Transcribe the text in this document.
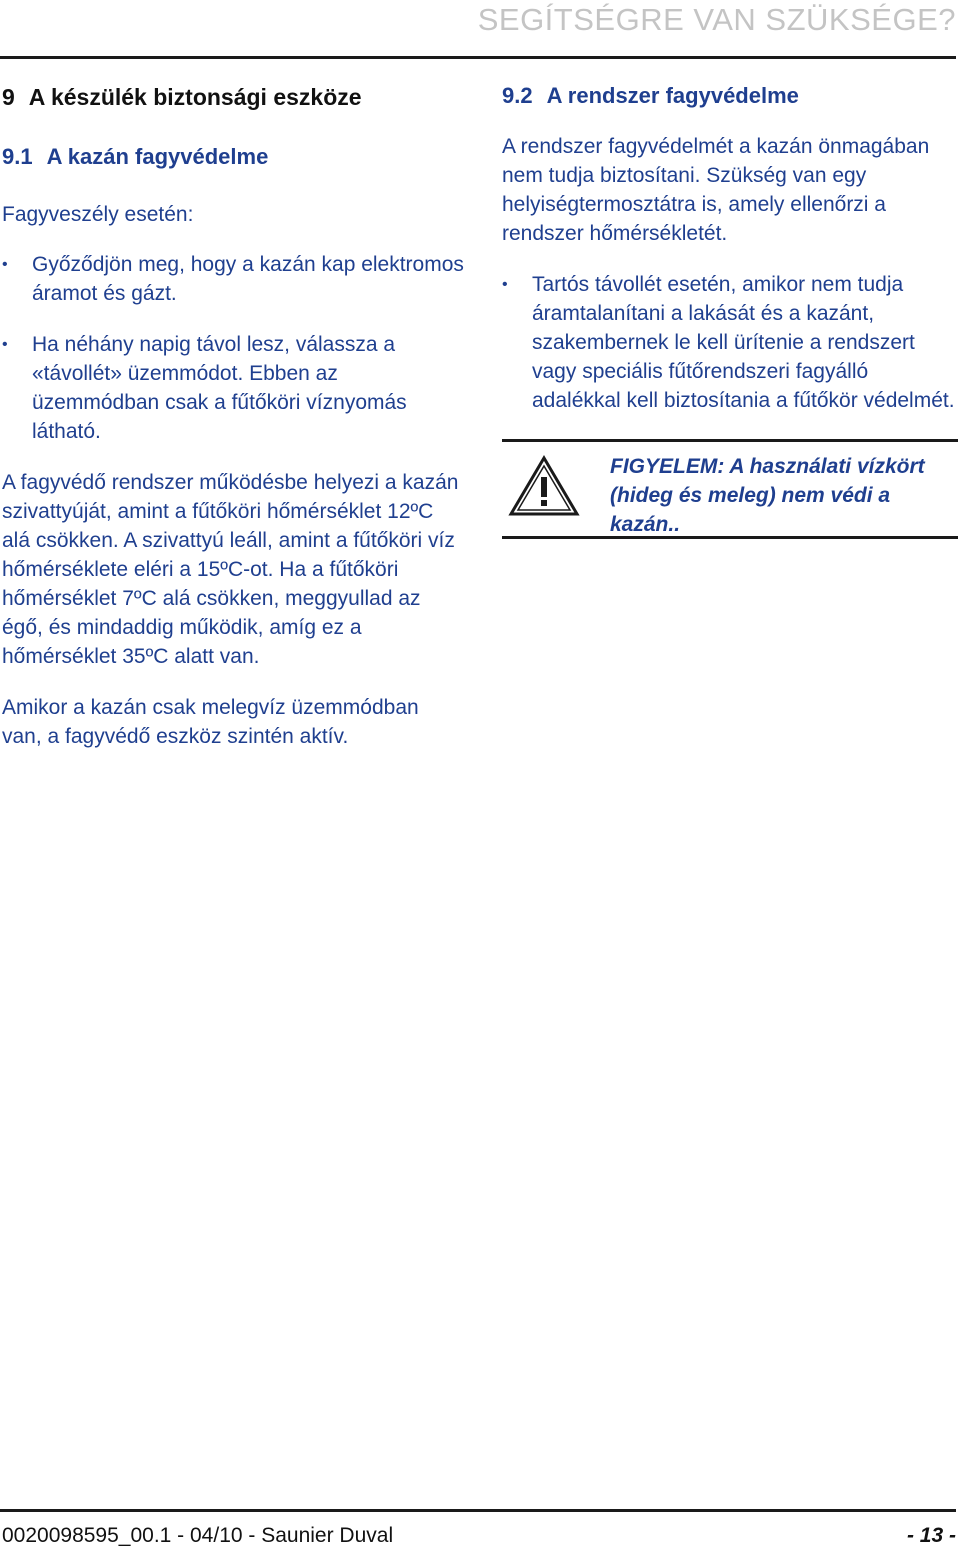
SEGÍTSÉGRE VAN SZÜKSÉGE?
9 A készülék biztonsági eszköze
9.1 A kazán fagyvédelme

Fagyveszély esetén:

• Győződjön meg, hogy a kazán kap elektromos áramot és gázt.
• Ha néhány napig távol lesz, válassza a «távollét» üzemmódot. Ebben az üzemmódban csak a fűtőköri víznyomás látható.

A fagyvédő rendszer működésbe helyezi a kazán szivattyúját, amint a fűtőköri hőmérséklet 12ºC alá csökken. A szivattyú leáll, amint a fűtőköri víz hőmérséklete eléri a 15ºC-ot. Ha a fűtőköri hőmérséklet 7ºC alá csökken, meggyullad az égő, és mindaddig működik, amíg ez a hőmérséklet 35ºC alatt van.

Amikor a kazán csak melegvíz üzemmódban van, a fagyvédő eszköz szintén aktív.

9.2 A rendszer fagyvédelme

A rendszer fagyvédelmét a kazán önmagában nem tudja biztosítani. Szükség van egy helyiségtermosztátra is, amely ellenőrzi a rendszer hőmérsékletét.

• Tartós távollét esetén, amikor nem tudja áramtalanítani a lakását és a kazánt, szakembernek le kell ürítenie a rendszert vagy speciális fűtőrendszeri fagyálló adalékkal kell biztosítania a fűtőkör védelmét.
FIGYELEM: A használati vízkört (hideg és meleg) nem védi a kazán..
0020098595_00.1 - 04/10 - Saunier Duval	- 13 -
